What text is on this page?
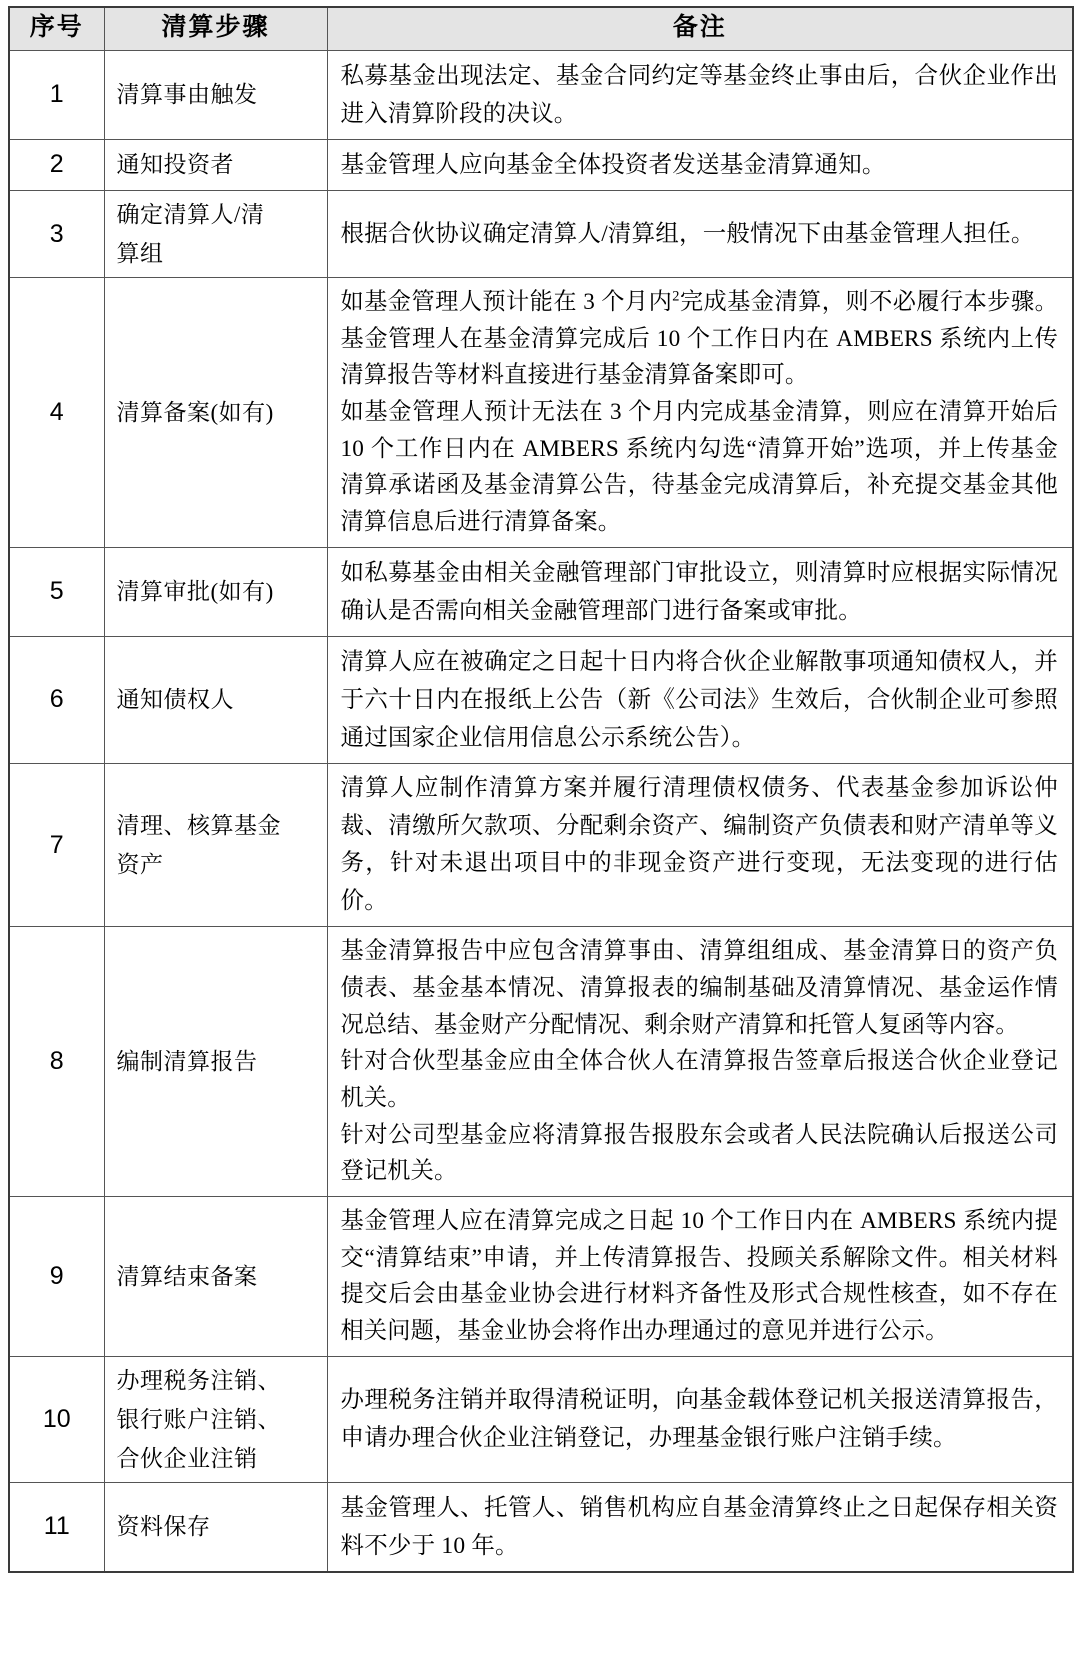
序号	清算步骤	备注
1	清算事由触发	私募基金出现法定、基金合同约定等基金终止事由后，合伙企业作出进入清算阶段的决议。

2	通知投资者	基金管理人应向基金全体投资者发送基金清算通知。

3	确定清算人/清
算组	根据合伙协议确定清算人/清算组，一般情况下由基金管理人担任。

4	清算备案(如有)	如基金管理人预计能在 3 个月内$^2$完成基金清算，则不必履行本步骤。基金管理人在基金清算完成后 10 个工作日内在 AMBERS 系统内上传清算报告等材料直接进行基金清算备案即可。

如基金管理人预计无法在 3 个月内完成基金清算，则应在清算开始后 10 个工作日内在 AMBERS 系统内勾选“清算开始”选项，并上传基金清算承诺函及基金清算公告，待基金完成清算后，补充提交基金其他清算信息后进行清算备案。

5	清算审批(如有)	如私募基金由相关金融管理部门审批设立，则清算时应根据实际情况确认是否需向相关金融管理部门进行备案或审批。

6	通知债权人	清算人应在被确定之日起十日内将合伙企业解散事项通知债权人，并于六十日内在报纸上公告（新《公司法》生效后，合伙制企业可参照通过国家企业信用信息公示系统公告）。

7	清理、核算基金
资产	清算人应制作清算方案并履行清理债权债务、代表基金参加诉讼仲裁、清缴所欠款项、分配剩余资产、编制资产负债表和财产清单等义务，针对未退出项目中的非现金资产进行变现，无法变现的进行估价。

8	编制清算报告	基金清算报告中应包含清算事由、清算组组成、基金清算日的资产负债表、基金基本情况、清算报表的编制基础及清算情况、基金运作情况总结、基金财产分配情况、剩余财产清算和托管人复函等内容。

针对合伙型基金应由全体合伙人在清算报告签章后报送合伙企业登记机关。

针对公司型基金应将清算报告报股东会或者人民法院确认后报送公司登记机关。

9	清算结束备案	基金管理人应在清算完成之日起 10 个工作日内在 AMBERS 系统内提交“清算结束”申请，并上传清算报告、投顾关系解除文件。相关材料提交后会由基金业协会进行材料齐备性及形式合规性核查，如不存在相关问题，基金业协会将作出办理通过的意见并进行公示。

10	办理税务注销、
银行账户注销、
合伙企业注销	办理税务注销并取得清税证明，向基金载体登记机关报送清算报告，申请办理合伙企业注销登记，办理基金银行账户注销手续。

11	资料保存	基金管理人、托管人、销售机构应自基金清算终止之日起保存相关资料不少于 10 年。
